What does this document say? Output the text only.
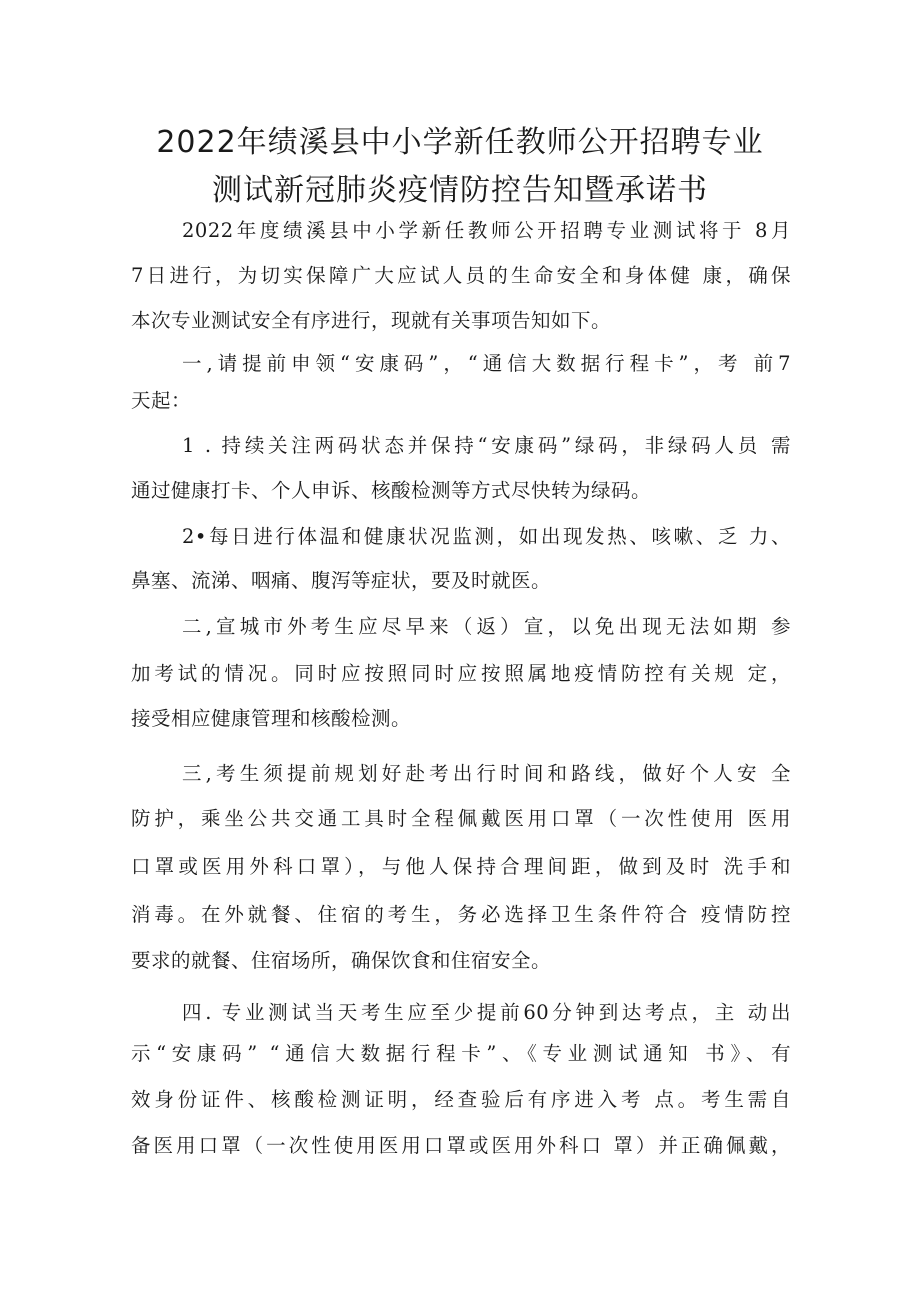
2022年绩溪县中小学新任教师公开招聘专业
测试新冠肺炎疫情防控告知暨承诺书

2022年度绩溪县中小学新任教师公开招聘专业测试将于 8月

7日进行，为切实保障广大应试人员的生命安全和身体健 康，确保

本次专业测试安全有序进行，现就有关事项告知如下。

一,请提前申领“安康码”，“通信大数据行程卡”，考 前7

天起：

1 . 持续关注两码状态并保持“安康码”绿码，非绿码人员 需

通过健康打卡、个人申诉、核酸检测等方式尽快转为绿码。

2•每日进行体温和健康状况监测，如出现发热、咳嗽、乏 力、

鼻塞、流涕、咽痛、腹泻等症状，要及时就医。

二,宣城市外考生应尽早来（返）宣，以免出现无法如期 参

加考试的情况。同时应按照同时应按照属地疫情防控有关规 定，

接受相应健康管理和核酸检测。

三,考生须提前规划好赴考出行时间和路线，做好个人安 全

防护，乘坐公共交通工具时全程佩戴医用口罩（一次性使用 医用

口罩或医用外科口罩），与他人保持合理间距，做到及时 洗手和

消毒。在外就餐、住宿的考生，务必选择卫生条件符合 疫情防控

要求的就餐、住宿场所，确保饮食和住宿安全。

四. 专业测试当天考生应至少提前60分钟到达考点，主 动出

示“安康码” “通信大数据行程卡”、《专业测试通知 书》、有

效身份证件、核酸检测证明，经查验后有序进入考 点。考生需自

备医用口罩（一次性使用医用口罩或医用外科口 罩）并正确佩戴，
